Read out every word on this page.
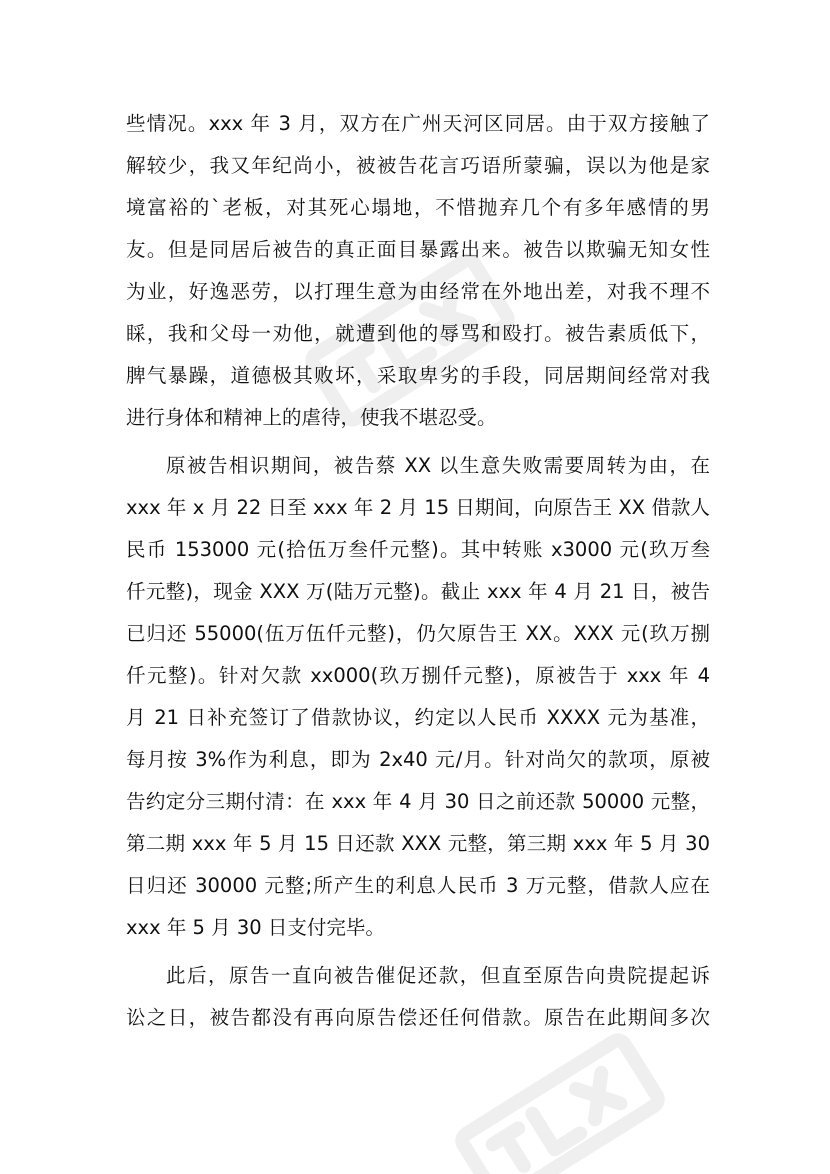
些情况。xxx 年 3 月，双方在广州天河区同居。由于双方接触了
解较少，我又年纪尚小，被被告花言巧语所蒙骗，误以为他是家
境富裕的`老板，对其死心塌地，不惜抛弃几个有多年感情的男
友。但是同居后被告的真正面目暴露出来。被告以欺骗无知女性
为业，好逸恶劳，以打理生意为由经常在外地出差，对我不理不
睬，我和父母一劝他，就遭到他的辱骂和殴打。被告素质低下，
脾气暴躁，道德极其败坏，采取卑劣的手段，同居期间经常对我
进行身体和精神上的虐待，使我不堪忍受。
原被告相识期间，被告蔡 XX 以生意失败需要周转为由，在
xxx 年 x 月 22 日至 xxx 年 2 月 15 日期间，向原告王 XX 借款人
民币 153000 元(拾伍万叁仟元整)。其中转账 x3000 元(玖万叁
仟元整)，现金 XXX 万(陆万元整)。截止 xxx 年 4 月 21 日，被告
已归还 55000(伍万伍仟元整)，仍欠原告王 XX。XXX 元(玖万捌
仟元整)。针对欠款 xx000(玖万捌仟元整)，原被告于 xxx 年 4
月 21 日补充签订了借款协议，约定以人民币 XXXX 元为基准，
每月按 3%作为利息，即为 2x40 元/月。针对尚欠的款项，原被
告约定分三期付清：在 xxx 年 4 月 30 日之前还款 50000 元整，
第二期 xxx 年 5 月 15 日还款 XXX 元整，第三期 xxx 年 5 月 30
日归还 30000 元整;所产生的利息人民币 3 万元整，借款人应在
xxx 年 5 月 30 日支付完毕。
此后，原告一直向被告催促还款，但直至原告向贵院提起诉
讼之日，被告都没有再向原告偿还任何借款。原告在此期间多次
